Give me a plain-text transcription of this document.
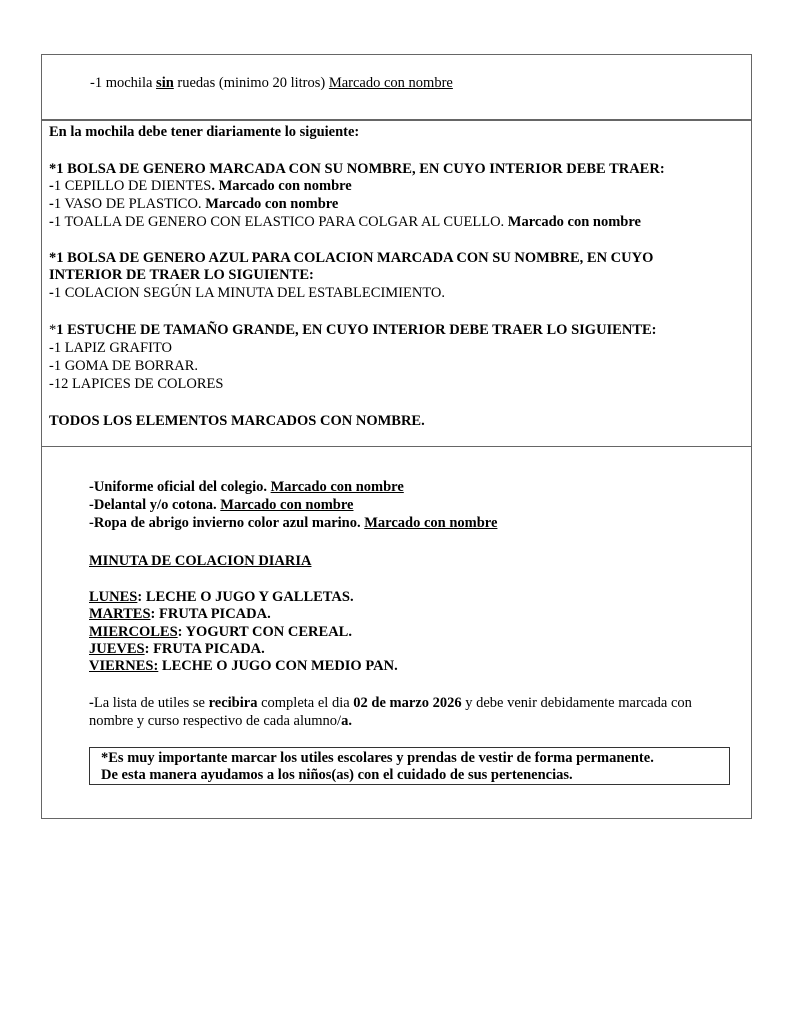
-1 mochila sin ruedas (minimo 20 litros) Marcado con nombre
En la mochila debe tener diariamente lo siguiente:
*1 BOLSA DE GENERO MARCADA CON SU NOMBRE, EN CUYO INTERIOR DEBE TRAER:
-1 CEPILLO DE DIENTES. Marcado con nombre
-1 VASO DE PLASTICO. Marcado con nombre
-1 TOALLA DE GENERO CON ELASTICO PARA COLGAR AL CUELLO. Marcado con nombre
*1 BOLSA DE GENERO AZUL PARA COLACION MARCADA CON SU NOMBRE, EN CUYO
INTERIOR DE TRAER LO SIGUIENTE:
-1 COLACION SEGÚN LA MINUTA DEL ESTABLECIMIENTO.
*1 ESTUCHE DE TAMAÑO GRANDE, EN CUYO INTERIOR DEBE TRAER LO SIGUIENTE:
-1 LAPIZ GRAFITO
-1 GOMA DE BORRAR.
-12 LAPICES DE COLORES
TODOS LOS ELEMENTOS MARCADOS CON NOMBRE.
-Uniforme oficial del colegio. Marcado con nombre
-Delantal y/o cotona. Marcado con nombre
-Ropa de abrigo invierno color azul marino. Marcado con nombre
MINUTA DE COLACION DIARIA
LUNES: LECHE O JUGO Y GALLETAS.
MARTES: FRUTA PICADA.
MIERCOLES: YOGURT CON CEREAL.
JUEVES: FRUTA PICADA.
VIERNES: LECHE O JUGO CON MEDIO PAN.
-La lista de utiles se recibira completa el dia 02 de marzo 2026 y debe venir debidamente marcada con
nombre y curso respectivo de cada alumno/a.
*Es muy importante marcar los utiles escolares y prendas de vestir de forma permanente.
De esta manera ayudamos a los niños(as) con el cuidado de sus pertenencias.
